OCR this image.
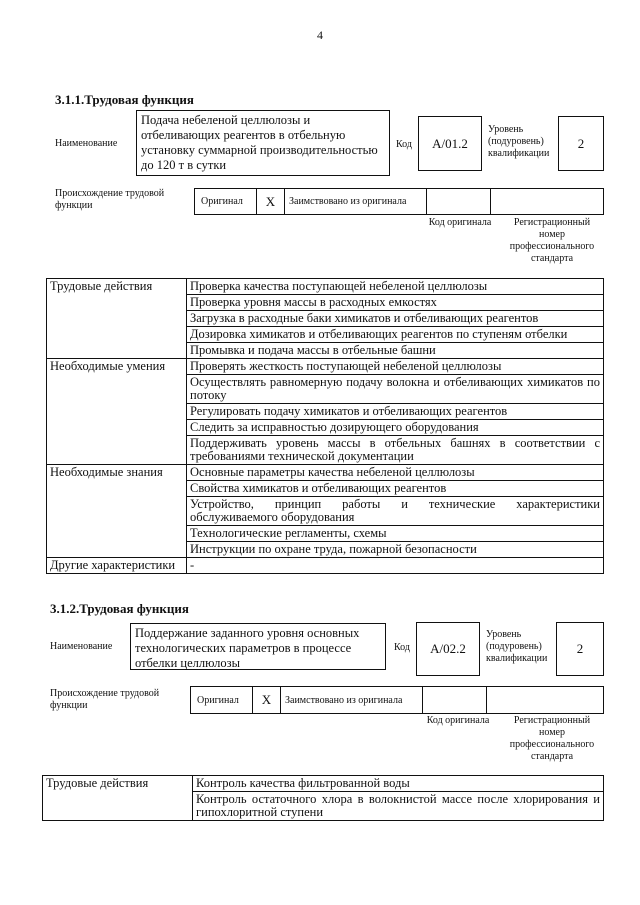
4
3.1.1.Трудовая функция
Наименование
Подача небеленой целлюлозы и отбеливающих реагентов в отбельную установку суммарной производительностью до 120 т в сутки
Код	А/01.2
Уровень (подуровень) квалификации
2
Происхождение трудовой функции	Оригинал	X	Заимствовано из оригинала
Код оригинала	Регистрационный номер профессионального стандарта
Трудовые действия	Проверка качества поступающей небеленой целлюлозы
	Проверка уровня массы в расходных емкостях
	Загрузка в расходные баки химикатов и отбеливающих реагентов
	Дозировка химикатов и отбеливающих реагентов по ступеням отбелки
	Промывка и подача массы в отбельные башни
Необходимые умения	Проверять жесткость поступающей небеленой целлюлозы
	Осуществлять равномерную подачу волокна и отбеливающих химикатов по потоку
	Регулировать подачу химикатов и отбеливающих реагентов
	Следить за исправностью дозирующего оборудования
	Поддерживать уровень массы в отбельных башнях в соответствии с требованиями технической документации
Необходимые знания	Основные параметры качества небеленой целлюлозы
	Свойства химикатов и отбеливающих реагентов
	Устройство, принцип работы и технические характеристики обслуживаемого оборудования
	Технологические регламенты, схемы
	Инструкции по охране труда, пожарной безопасности
Другие характеристики	-
3.1.2.Трудовая функция
Наименование
Поддержание заданного уровня основных технологических параметров в процессе отбелки целлюлозы
Код	А/02.2
Уровень (подуровень) квалификации
2
Происхождение трудовой функции	Оригинал	X	Заимствовано из оригинала
Код оригинала	Регистрационный номер профессионального стандарта
Трудовые действия	Контроль качества фильтрованной воды
	Контроль остаточного хлора в волокнистой массе после хлорирования и гипохлоритной ступени
